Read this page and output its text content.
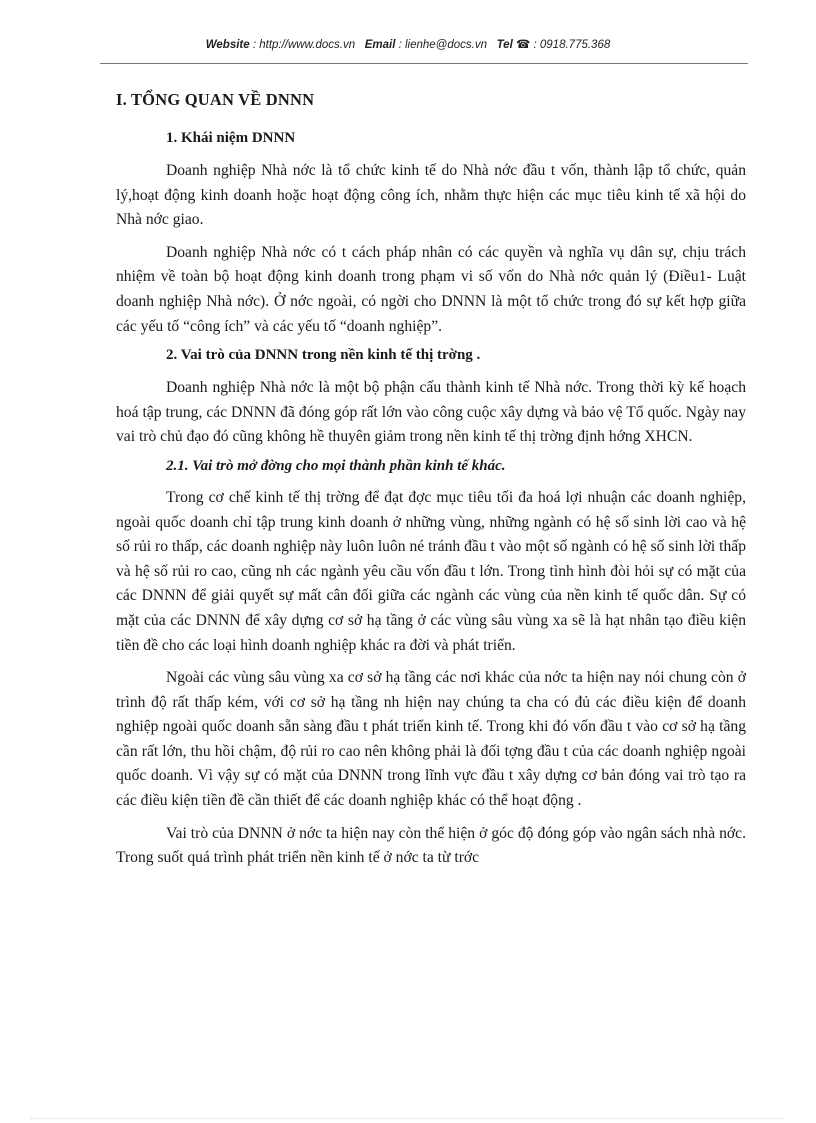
Website : http://www.docs.vn Email : lienhe@docs.vn Tel ☎ : 0918.775.368
I. TỔNG QUAN VỀ DNNN
1. Khái niệm DNNN

Doanh nghiệp Nhà nớc là tổ chức kinh tế do Nhà nớc đầu t vốn, thành lập tổ chức, quản lý,hoạt động kinh doanh hoặc hoạt động công ích, nhằm thực hiện các mục tiêu kinh tế xã hội do Nhà nớc giao.

Doanh nghiệp Nhà nớc có t cách pháp nhân có các quyền và nghĩa vụ dân sự, chịu trách nhiệm về toàn bộ hoạt động kinh doanh trong phạm vi số vốn do Nhà nớc quản lý (Điều1- Luật doanh nghiệp Nhà nớc). Ở nớc ngoài, có ngời cho DNNN là một tổ chức trong đó sự kết hợp giữa các yếu tố “công ích” và các yếu tố “doanh nghiệp”.

2. Vai trò của DNNN trong nền kinh tế thị trờng .

Doanh nghiệp Nhà nớc là một bộ phận cấu thành kinh tế Nhà nớc. Trong thời kỳ kế hoạch hoá tập trung, các DNNN đã đóng góp rất lớn vào công cuộc xây dựng và bảo vệ Tổ quốc. Ngày nay vai trò chủ đạo đó cũng không hề thuyên giảm trong nền kinh tế thị trờng định hớng XHCN.

2.1. Vai trò mở đờng cho mọi thành phần kinh tế khác.

Trong cơ chế kinh tế thị trờng để đạt đợc mục tiêu tối đa hoá lợi nhuận các doanh nghiệp, ngoài quốc doanh chỉ tập trung kinh doanh ở những vùng, những ngành có hệ số sinh lời cao và hệ số rủi ro thấp, các doanh nghiệp này luôn luôn né tránh đầu t vào một số ngành có hệ số sinh lời thấp và hệ số rủi ro cao, cũng nh các ngành yêu cầu vốn đầu t lớn. Trong tình hình đòi hỏi sự có mặt của các DNNN để giải quyết sự mất cân đối giữa các ngành các vùng của nền kinh tế quốc dân. Sự có mặt của các DNNN để xây dựng cơ sở hạ tầng ở các vùng sâu vùng xa sẽ là hạt nhân tạo điều kiện tiền đề cho các loại hình doanh nghiệp khác ra đời và phát triển.

Ngoài các vùng sâu vùng xa cơ sở hạ tầng các nơi khác của nớc ta hiện nay nói chung còn ở trình độ rất thấp kém, với cơ sở hạ tầng nh hiện nay chúng ta cha có đủ các điều kiện để doanh nghiệp ngoài quốc doanh sẵn sàng đầu t phát triển kinh tế. Trong khi đó vốn đầu t vào cơ sở hạ tầng cần rất lớn, thu hồi chậm, độ rủi ro cao nên không phải là đối tợng đầu t của các doanh nghiệp ngoài quốc doanh. Vì vậy sự có mặt của DNNN trong lĩnh vực đầu t xây dựng cơ bản đóng vai trò tạo ra các điều kiện tiền đề cần thiết để các doanh nghiệp khác có thể hoạt động .

Vai trò của DNNN ở nớc ta hiện nay còn thể hiện ở góc độ đóng góp vào ngân sách nhà nớc. Trong suốt quá trình phát triển nền kinh tế ở nớc ta từ trớc
